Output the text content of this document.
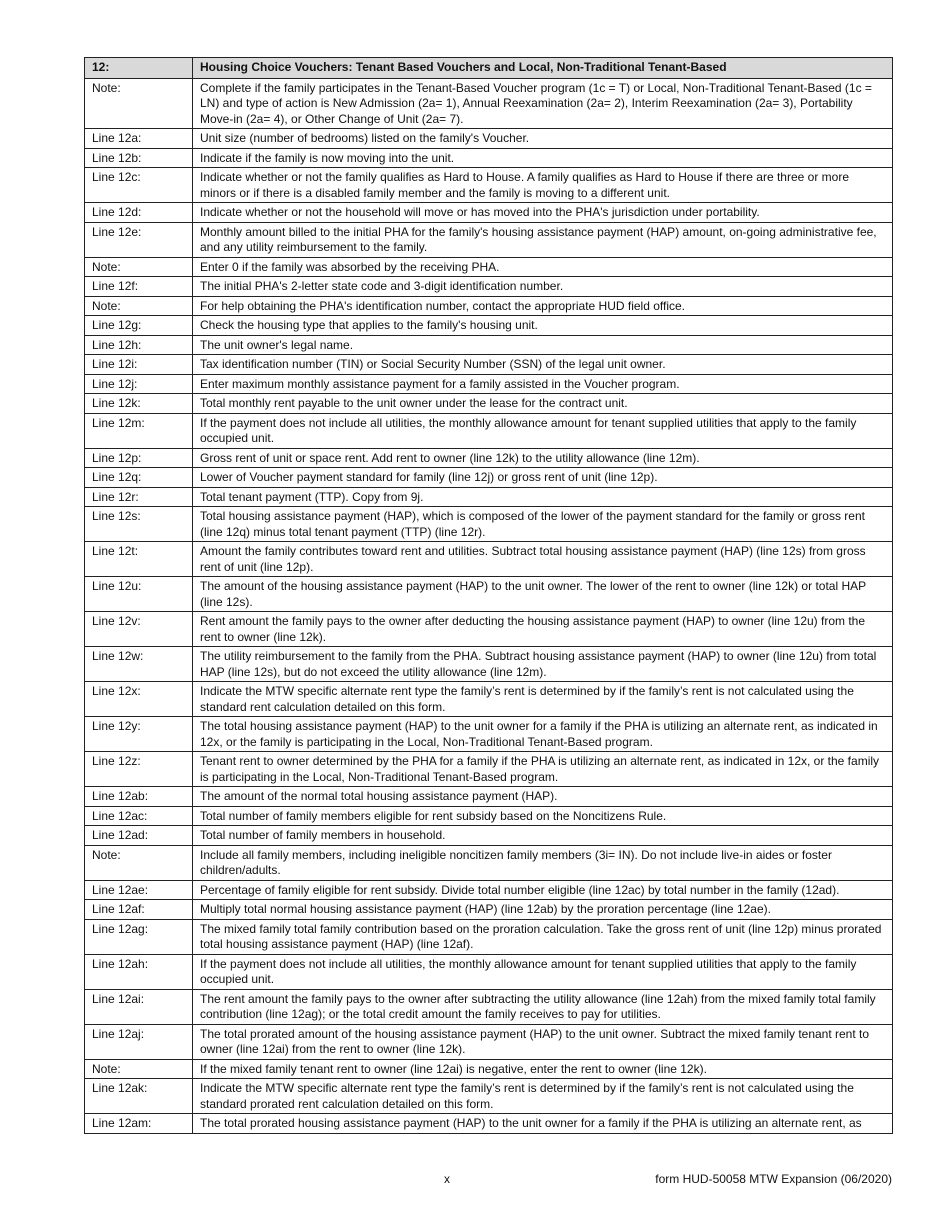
12:	Housing Choice Vouchers: Tenant Based Vouchers and Local, Non-Traditional Tenant-Based
Note:	Complete if the family participates in the Tenant-Based Voucher program (1c = T) or Local, Non-Traditional Tenant-Based (1c = LN) and type of action is New Admission (2a= 1), Annual Reexamination (2a= 2), Interim Reexamination (2a= 3), Portability Move-in (2a= 4), or Other Change of Unit (2a= 7).
Line 12a:	Unit size (number of bedrooms) listed on the family's Voucher.
Line 12b:	Indicate if the family is now moving into the unit.
Line 12c:	Indicate whether or not the family qualifies as Hard to House. A family qualifies as Hard to House if there are three or more minors or if there is a disabled family member and the family is moving to a different unit.
Line 12d:	Indicate whether or not the household will move or has moved into the PHA's jurisdiction under portability.
Line 12e:	Monthly amount billed to the initial PHA for the family's housing assistance payment (HAP) amount, on-going administrative fee, and any utility reimbursement to the family.
Note:	Enter 0 if the family was absorbed by the receiving PHA.
Line 12f:	The initial PHA's 2-letter state code and 3-digit identification number.
Note:	For help obtaining the PHA's identification number, contact the appropriate HUD field office.
Line 12g:	Check the housing type that applies to the family's housing unit.
Line 12h:	The unit owner's legal name.
Line 12i:	Tax identification number (TIN) or Social Security Number (SSN) of the legal unit owner.
Line 12j:	Enter maximum monthly assistance payment for a family assisted in the Voucher program.
Line 12k:	Total monthly rent payable to the unit owner under the lease for the contract unit.
Line 12m:	If the payment does not include all utilities, the monthly allowance amount for tenant supplied utilities that apply to the family occupied unit.
Line 12p:	Gross rent of unit or space rent. Add rent to owner (line 12k) to the utility allowance (line 12m).
Line 12q:	Lower of Voucher payment standard for family (line 12j) or gross rent of unit (line 12p).
Line 12r:	Total tenant payment (TTP). Copy from 9j.
Line 12s:	Total housing assistance payment (HAP), which is composed of the lower of the payment standard for the family or gross rent (line 12q) minus total tenant payment (TTP) (line 12r).
Line 12t:	Amount the family contributes toward rent and utilities. Subtract total housing assistance payment (HAP) (line 12s) from gross rent of unit (line 12p).
Line 12u:	The amount of the housing assistance payment (HAP) to the unit owner. The lower of the rent to owner (line 12k) or total HAP (line 12s).
Line 12v:	Rent amount the family pays to the owner after deducting the housing assistance payment (HAP) to owner (line 12u) from the rent to owner (line 12k).
Line 12w:	The utility reimbursement to the family from the PHA. Subtract housing assistance payment (HAP) to owner (line 12u) from total HAP (line 12s), but do not exceed the utility allowance (line 12m).
Line 12x:	Indicate the MTW specific alternate rent type the family’s rent is determined by if the family’s rent is not calculated using the standard rent calculation detailed on this form.
Line 12y:	The total housing assistance payment (HAP) to the unit owner for a family if the PHA is utilizing an alternate rent, as indicated in 12x, or the family is participating in the Local, Non-Traditional Tenant-Based program.
Line 12z:	Tenant rent to owner determined by the PHA for a family if the PHA is utilizing an alternate rent, as indicated in 12x, or the family is participating in the Local, Non-Traditional Tenant-Based program.
Line 12ab:	The amount of the normal total housing assistance payment (HAP).
Line 12ac:	Total number of family members eligible for rent subsidy based on the Noncitizens Rule.
Line 12ad:	Total number of family members in household.
Note:	Include all family members, including ineligible noncitizen family members (3i= IN). Do not include live-in aides or foster children/adults.
Line 12ae:	Percentage of family eligible for rent subsidy. Divide total number eligible (line 12ac) by total number in the family (12ad).
Line 12af:	Multiply total normal housing assistance payment (HAP) (line 12ab) by the proration percentage (line 12ae).
Line 12ag:	The mixed family total family contribution based on the proration calculation. Take the gross rent of unit (line 12p) minus prorated total housing assistance payment (HAP) (line 12af).
Line 12ah:	If the payment does not include all utilities, the monthly allowance amount for tenant supplied utilities that apply to the family occupied unit.
Line 12ai:	The rent amount the family pays to the owner after subtracting the utility allowance (line 12ah) from the mixed family total family contribution (line 12ag); or the total credit amount the family receives to pay for utilities.
Line 12aj:	The total prorated amount of the housing assistance payment (HAP) to the unit owner. Subtract the mixed family tenant rent to owner (line 12ai) from the rent to owner (line 12k).
Note:	If the mixed family tenant rent to owner (line 12ai) is negative, enter the rent to owner (line 12k).
Line 12ak:	Indicate the MTW specific alternate rent type the family’s rent is determined by if the family’s rent is not calculated using the standard prorated rent calculation detailed on this form.
Line 12am:	The total prorated housing assistance payment (HAP) to the unit owner for a family if the PHA is utilizing an alternate rent, as
x	form HUD-50058 MTW Expansion (06/2020)
